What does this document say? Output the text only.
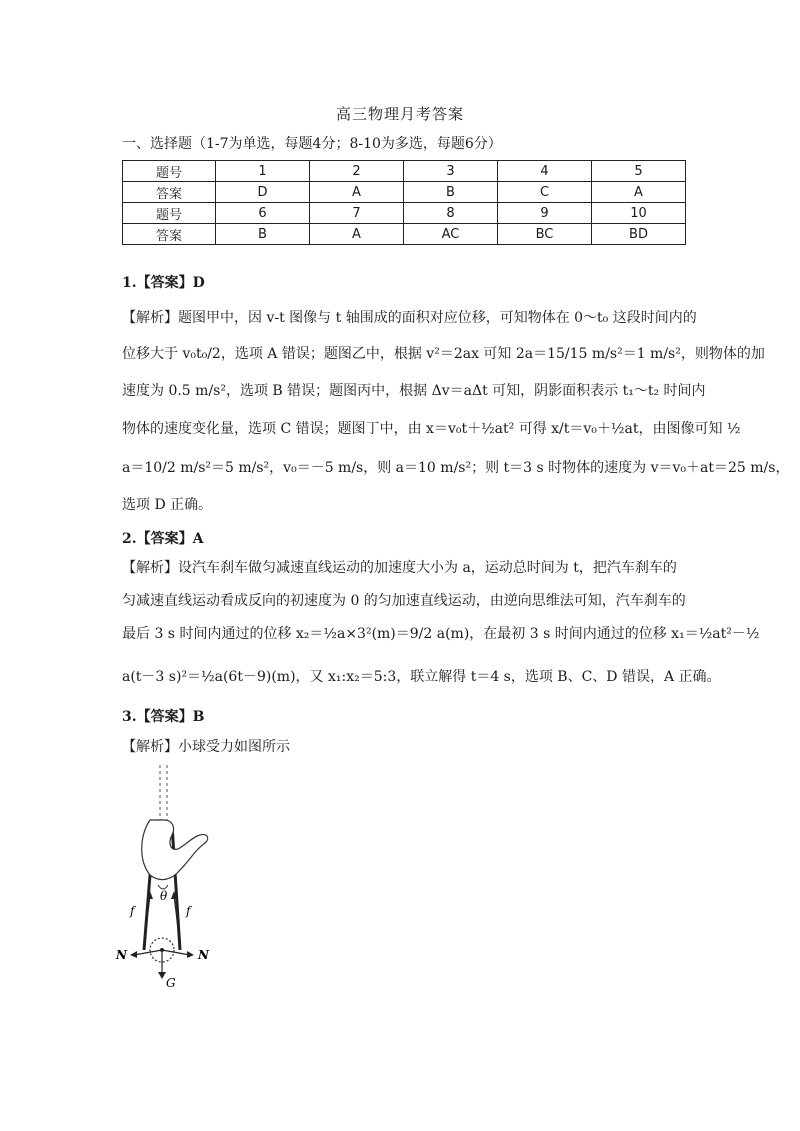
高三物理月考答案
一、选择题（1-7为单选，每题4分；8-10为多选，每题6分）
题号	1	2	3	4	5
答案	D	A	B	C	A
题号	6	7	8	9	10
答案	B	A	AC	BC	BD
1.【答案】D
【解析】题图甲中，因 v-t 图像与 t 轴围成的面积对应位移，可知物体在 0～t₀ 这段时间内的
位移大于 v₀t₀/2，选项 A 错误；题图乙中，根据 v²＝2ax 可知 2a＝15/15 m/s²＝1 m/s²，则物体的加
速度为 0.5 m/s²，选项 B 错误；题图丙中，根据 Δv＝aΔt 可知，阴影面积表示 t₁～t₂ 时间内
物体的速度变化量，选项 C 错误；题图丁中，由 x＝v₀t＋½at² 可得 x/t＝v₀＋½at，由图像可知 ½
a＝10/2 m/s²＝5 m/s²，v₀＝－5 m/s，则 a＝10 m/s²；则 t＝3 s 时物体的速度为 v＝v₀＋at＝25 m/s，
选项 D 正确。
2.【答案】A
【解析】设汽车刹车做匀减速直线运动的加速度大小为 a，运动总时间为 t，把汽车刹车的
匀减速直线运动看成反向的初速度为 0 的匀加速直线运动，由逆向思维法可知，汽车刹车的
最后 3 s 时间内通过的位移 x₂＝½a×3²(m)＝9/2 a(m)，在最初 3 s 时间内通过的位移 x₁＝½at²－½
a(t－3 s)²＝½a(6t－9)(m)，又 x₁:x₂＝5:3，联立解得 t＝4 s，选项 B、C、D 错误，A 正确。
3.【答案】B
【解析】小球受力如图所示
θ
f	f
N	N
G
